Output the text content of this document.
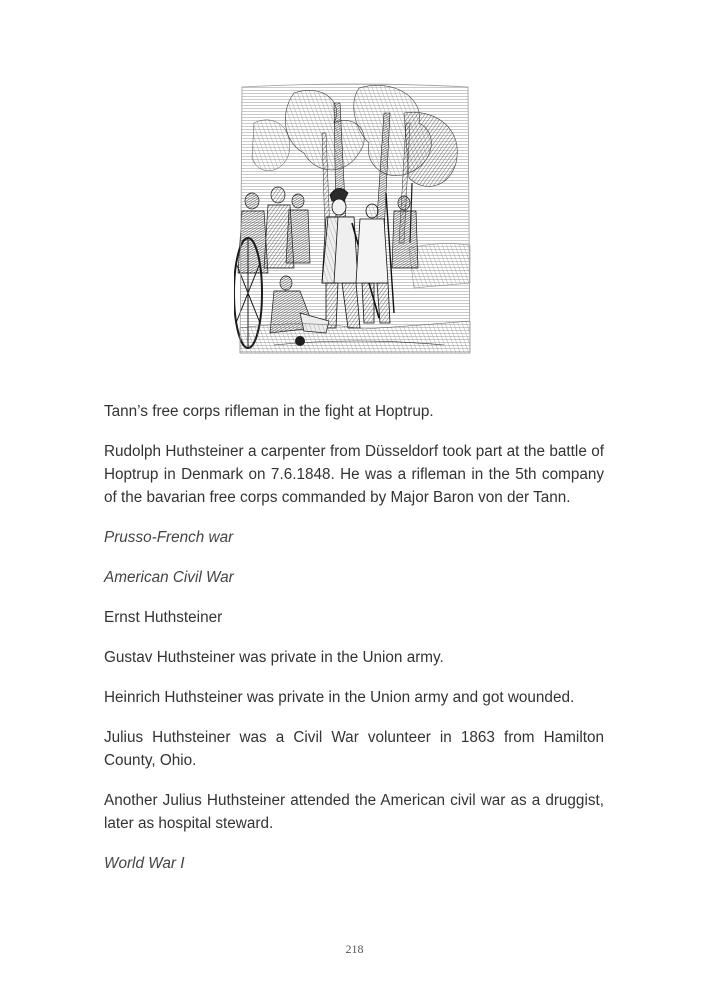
Tann’s free corps rifleman in the fight at Hoptrup.

Rudolph Huthsteiner a carpenter from Düsseldorf took part at the battle of Hoptrup in Denmark on 7.6.1848. He was a rifleman in the 5th company of the bavarian free corps commanded by Major Baron von der Tann.

Prusso-French war

American Civil War

Ernst Huthsteiner

Gustav Huthsteiner was private in the Union army.

Heinrich Huthsteiner was private in the Union army and got wounded.

Julius Huthsteiner was a Civil War volunteer in 1863 from Hamilton County, Ohio.

Another Julius Huthsteiner attended the American civil war as a druggist, later as hospital steward.

World War I

218
